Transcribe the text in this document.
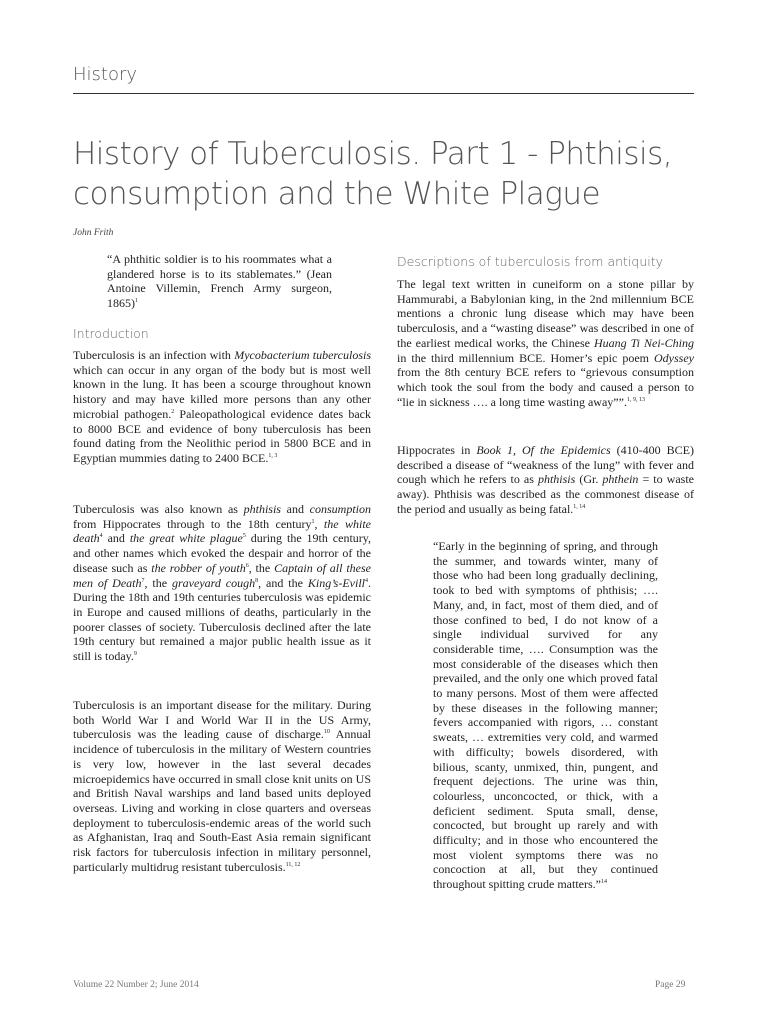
History
History of Tuberculosis. Part 1 - Phthisis,
consumption and the White Plague
John Frith

“A phthitic soldier is to his roommates what a glandered horse is to its stablemates.” (Jean Antoine Villemin, French Army surgeon, 1865)$^1$

Introduction

Tuberculosis is an infection with Mycobacterium tuberculosis which can occur in any organ of the body but is most well known in the lung. It has been a scourge throughout known history and may have killed more persons than any other microbial pathogen.$^2$ Paleopathological evidence dates back to 8000 BCE and evidence of bony tuberculosis has been found dating from the Neolithic period in 5800 BCE and in Egyptian mummies dating to 2400 BCE.$^{1, 3}$

Tuberculosis was also known as phthisis and consumption from Hippocrates through to the 18th century$^1$, the white death$^4$ and the great white plague$^5$ during the 19th century, and other names which evoked the despair and horror of the disease such as the robber of youth$^6$, the Captain of all these men of Death$^7$, the graveyard cough$^8$, and the King’s-Evill$^4$. During the 18th and 19th centuries tuberculosis was epidemic in Europe and caused millions of deaths, particularly in the poorer classes of society. Tuberculosis declined after the late 19th century but remained a major public health issue as it still is today.$^9$

Tuberculosis is an important disease for the military. During both World War I and World War II in the US Army, tuberculosis was the leading cause of discharge.$^{10}$ Annual incidence of tuberculosis in the military of Western countries is very low, however in the last several decades microepidemics have occurred in small close knit units on US and British Naval warships and land based units deployed overseas. Living and working in close quarters and overseas deployment to tuberculosis-endemic areas of the world such as Afghanistan, Iraq and South-East Asia remain significant risk factors for tuberculosis infection in military personnel, particularly multidrug resistant tuberculosis.$^{11, 12}$

Descriptions of tuberculosis from antiquity

The legal text written in cuneiform on a stone pillar by Hammurabi, a Babylonian king, in the 2nd millennium BCE mentions a chronic lung disease which may have been tuberculosis, and a “wasting disease” was described in one of the earliest medical works, the Chinese Huang Ti Nei-Ching in the third millennium BCE. Homer’s epic poem Odyssey from the 8th century BCE refers to “grievous consumption which took the soul from the body and caused a person to “lie in sickness …. a long time wasting away””.$^{1, 9, 13}$

Hippocrates in Book 1, Of the Epidemics (410-400 BCE) described a disease of “weakness of the lung” with fever and cough which he refers to as phthisis (Gr. phthein = to waste away). Phthisis was described as the commonest disease of the period and usually as being fatal.$^{1, 14}$

“Early in the beginning of spring, and through the summer, and towards winter, many of those who had been long gradually declining, took to bed with symptoms of phthisis; …. Many, and, in fact, most of them died, and of those confined to bed, I do not know of a single individual survived for any considerable time, …. Consumption was the most considerable of the diseases which then prevailed, and the only one which proved fatal to many persons. Most of them were affected by these diseases in the following manner; fevers accompanied with rigors, … constant sweats, … extremities very cold, and warmed with difficulty; bowels disordered, with bilious, scanty, unmixed, thin, pungent, and frequent dejections. The urine was thin, colourless, unconcocted, or thick, with a deficient sediment. Sputa small, dense, concocted, but brought up rarely and with difficulty; and in those who encountered the most violent symptoms there was no concoction at all, but they continued throughout spitting crude matters.”$^{14}$

Volume 22 Number 2; June 2014	Page 29
